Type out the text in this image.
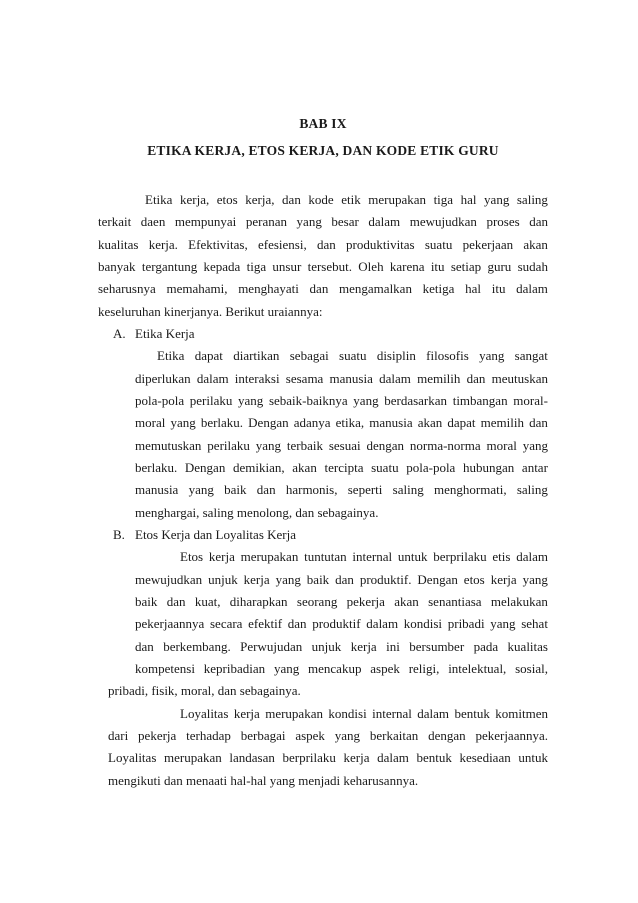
BAB IX
ETIKA KERJA, ETOS KERJA, DAN KODE ETIK GURU
Etika kerja, etos kerja, dan kode etik merupakan tiga hal yang saling
terkait daen mempunyai peranan yang besar dalam mewujudkan proses dan
kualitas kerja. Efektivitas, efesiensi, dan produktivitas suatu pekerjaan akan
banyak tergantung kepada tiga unsur tersebut. Oleh karena itu setiap guru sudah
seharusnya memahami, menghayati dan mengamalkan ketiga hal itu dalam
keseluruhan kinerjanya. Berikut uraiannya:
A. Etika Kerja
Etika dapat diartikan sebagai suatu disiplin filosofis yang sangat
diperlukan dalam interaksi sesama manusia dalam memilih dan meutuskan
pola-pola perilaku yang sebaik-baiknya yang berdasarkan timbangan moral-
moral yang berlaku. Dengan adanya etika, manusia akan dapat memilih dan
memutuskan perilaku yang terbaik sesuai dengan norma-norma moral yang
berlaku. Dengan demikian, akan tercipta suatu pola-pola hubungan antar
manusia yang baik dan harmonis, seperti saling menghormati, saling
menghargai, saling menolong, dan sebagainya.
B. Etos Kerja dan Loyalitas Kerja
Etos kerja merupakan tuntutan internal untuk berprilaku etis dalam
mewujudkan unjuk kerja yang baik dan produktif. Dengan etos kerja yang
baik dan kuat, diharapkan seorang pekerja akan senantiasa melakukan
pekerjaannya secara efektif dan produktif dalam kondisi pribadi yang sehat
dan berkembang. Perwujudan unjuk kerja ini bersumber pada kualitas
kompetensi kepribadian yang mencakup aspek religi, intelektual, sosial,
pribadi, fisik, moral, dan sebagainya.
Loyalitas kerja merupakan kondisi internal dalam bentuk komitmen
dari pekerja terhadap berbagai aspek yang berkaitan dengan pekerjaannya.
Loyalitas merupakan landasan berprilaku kerja dalam bentuk kesediaan untuk
mengikuti dan menaati hal-hal yang menjadi keharusannya.
